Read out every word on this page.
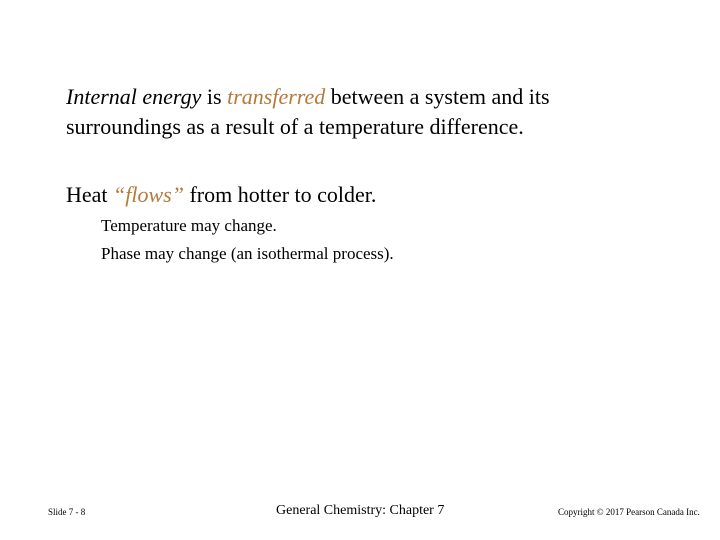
Internal energy is transferred between a system and its surroundings as a result of a temperature difference.
Heat “flows” from hotter to colder.
Temperature may change.
Phase may change (an isothermal process).
Slide 7 - 8	General Chemistry: Chapter 7	Copyright © 2017 Pearson Canada Inc.
